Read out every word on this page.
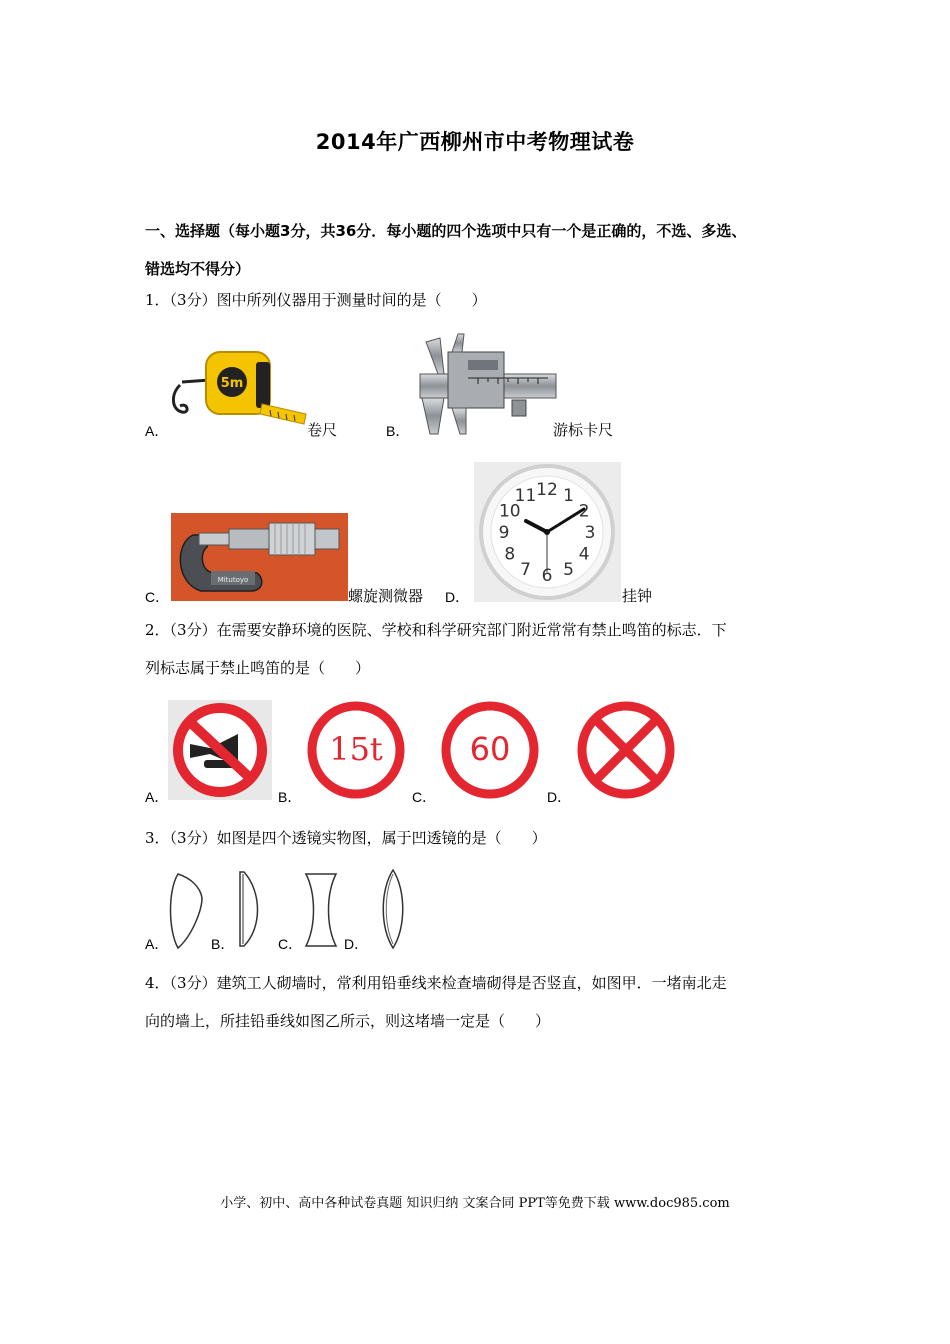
2014年广西柳州市中考物理试卷
一、选择题（每小题3分，共36分．每小题的四个选项中只有一个是正确的，不选、多选、
错选均不得分）
1．（3分）图中所列仪器用于测量时间的是（　　）
A．
5m
卷尺	B．	游标卡尺
C．
Mitutoyo
螺旋测微器 D．
12 1
2
3
4
5
6
7
8
9
10
11
挂钟
2．（3分）在需要安静环境的医院、学校和科学研究部门附近常常有禁止鸣笛的标志．下
列标志属于禁止鸣笛的是（　　）
A．	B．
15t
C．
60
D．
3．（3分）如图是四个透镜实物图，属于凹透镜的是（　　）
A．	B．	C．	D．
4．（3分）建筑工人砌墙时，常利用铅垂线来检查墙砌得是否竖直，如图甲．一堵南北走
向的墙上，所挂铅垂线如图乙所示，则这堵墙一定是（　　）
小学、初中、高中各种试卷真题 知识归纳 文案合同 PPT等免费下载 www.doc985.com
